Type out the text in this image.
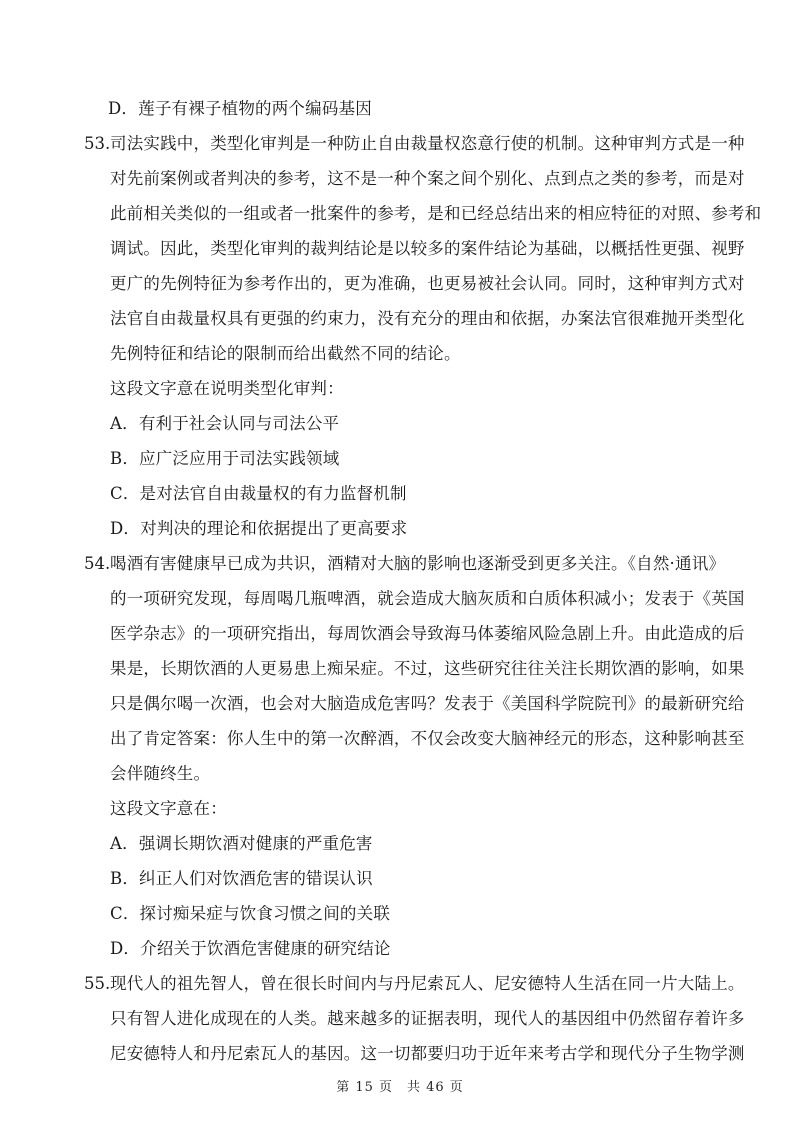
D．莲子有裸子植物的两个编码基因
53. 司法实践中，类型化审判是一种防止自由裁量权恣意行使的机制。这种审判方式是一种
对先前案例或者判决的参考，这不是一种个案之间个别化、点到点之类的参考，而是对
此前相关类似的一组或者一批案件的参考，是和已经总结出来的相应特征的对照、参考和
调试。因此，类型化审判的裁判结论是以较多的案件结论为基础，以概括性更强、视野
更广的先例特征为参考作出的，更为准确，也更易被社会认同。同时，这种审判方式对
法官自由裁量权具有更强的约束力，没有充分的理由和依据，办案法官很难抛开类型化
先例特征和结论的限制而给出截然不同的结论。
这段文字意在说明类型化审判：
A．有利于社会认同与司法公平
B．应广泛应用于司法实践领域
C．是对法官自由裁量权的有力监督机制
D．对判决的理论和依据提出了更高要求
54. 喝酒有害健康早已成为共识，酒精对大脑的影响也逐渐受到更多关注。《自然·通讯》
的一项研究发现，每周喝几瓶啤酒，就会造成大脑灰质和白质体积减小；发表于《英国
医学杂志》的一项研究指出，每周饮酒会导致海马体萎缩风险急剧上升。由此造成的后
果是，长期饮酒的人更易患上痴呆症。不过，这些研究往往关注长期饮酒的影响，如果
只是偶尔喝一次酒，也会对大脑造成危害吗？发表于《美国科学院院刊》的最新研究给
出了肯定答案：你人生中的第一次醉酒，不仅会改变大脑神经元的形态，这种影响甚至
会伴随终生。
这段文字意在：
A．强调长期饮酒对健康的严重危害
B．纠正人们对饮酒危害的错误认识
C．探讨痴呆症与饮食习惯之间的关联
D．介绍关于饮酒危害健康的研究结论
55. 现代人的祖先智人，曾在很长时间内与丹尼索瓦人、尼安德特人生活在同一片大陆上。
只有智人进化成现在的人类。越来越多的证据表明，现代人的基因组中仍然留存着许多
尼安德特人和丹尼索瓦人的基因。这一切都要归功于近年来考古学和现代分子生物学测
第 15 页　共 46 页
